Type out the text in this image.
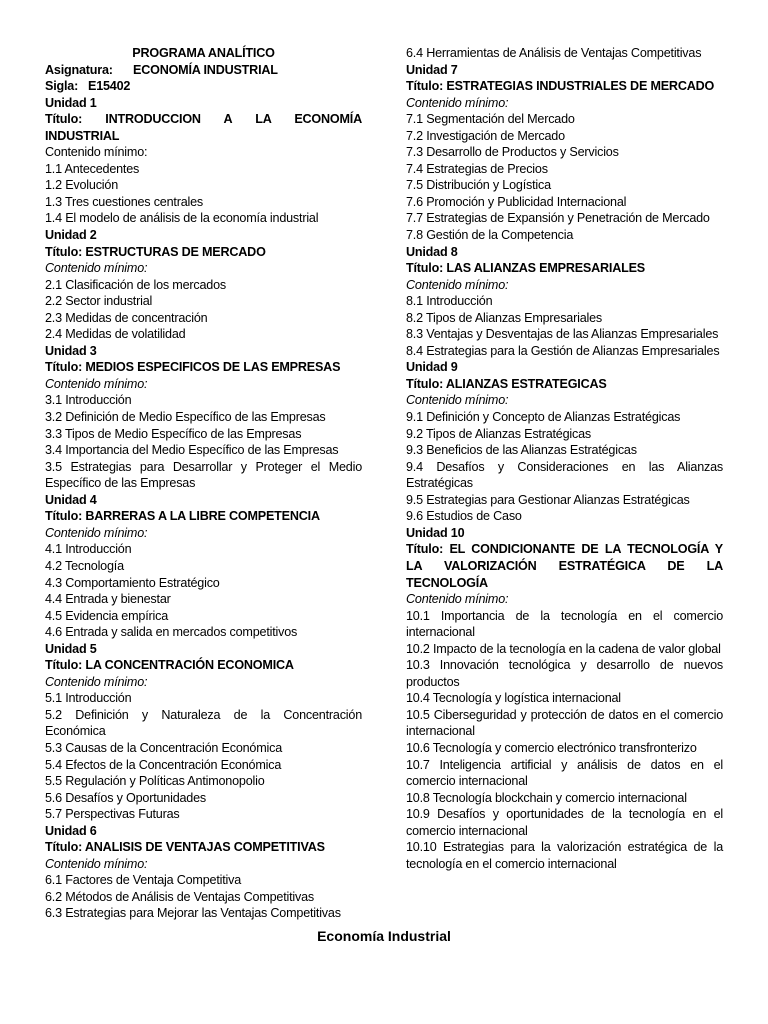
PROGRAMA ANALÍTICO
Asignatura: ECONOMÍA INDUSTRIAL
Sigla: E15402
Unidad 1
Título: INTRODUCCION A LA ECONOMÍA
INDUSTRIAL
Contenido mínimo:
1.1 Antecedentes
1.2 Evolución
1.3 Tres cuestiones centrales
1.4 El modelo de análisis de la economía industrial
Unidad 2
Título: ESTRUCTURAS DE MERCADO
Contenido mínimo:
2.1 Clasificación de los mercados
2.2 Sector industrial
2.3 Medidas de concentración
2.4 Medidas de volatilidad
Unidad 3
Título: MEDIOS ESPECIFICOS DE LAS EMPRESAS
Contenido mínimo:
3.1 Introducción
3.2 Definición de Medio Específico de las Empresas
3.3 Tipos de Medio Específico de las Empresas
3.4 Importancia del Medio Específico de las Empresas
3.5 Estrategias para Desarrollar y Proteger el Medio Específico de las Empresas
Unidad 4
Título: BARRERAS A LA LIBRE COMPETENCIA
Contenido mínimo:
4.1 Introducción
4.2 Tecnología
4.3 Comportamiento Estratégico
4.4 Entrada y bienestar
4.5 Evidencia empírica
4.6 Entrada y salida en mercados competitivos
Unidad 5
Título: LA CONCENTRACIÓN ECONOMICA
Contenido mínimo:
5.1 Introducción
5.2 Definición y Naturaleza de la Concentración Económica
5.3 Causas de la Concentración Económica
5.4 Efectos de la Concentración Económica
5.5 Regulación y Políticas Antimonopolio
5.6 Desafíos y Oportunidades
5.7 Perspectivas Futuras
Unidad 6
Título: ANALISIS DE VENTAJAS COMPETITIVAS
Contenido mínimo:
6.1 Factores de Ventaja Competitiva
6.2 Métodos de Análisis de Ventajas Competitivas
6.3 Estrategias para Mejorar las Ventajas Competitivas
6.4 Herramientas de Análisis de Ventajas Competitivas
Unidad 7
Título: ESTRATEGIAS INDUSTRIALES DE MERCADO
Contenido mínimo:
7.1 Segmentación del Mercado
7.2 Investigación de Mercado
7.3 Desarrollo de Productos y Servicios
7.4 Estrategias de Precios
7.5 Distribución y Logística
7.6 Promoción y Publicidad Internacional
7.7 Estrategias de Expansión y Penetración de Mercado
7.8 Gestión de la Competencia
Unidad 8
Título: LAS ALIANZAS EMPRESARIALES
Contenido mínimo:
8.1 Introducción
8.2 Tipos de Alianzas Empresariales
8.3 Ventajas y Desventajas de las Alianzas Empresariales
8.4 Estrategias para la Gestión de Alianzas Empresariales
Unidad 9
Título: ALIANZAS ESTRATEGICAS
Contenido mínimo:
9.1 Definición y Concepto de Alianzas Estratégicas
9.2 Tipos de Alianzas Estratégicas
9.3 Beneficios de las Alianzas Estratégicas
9.4 Desafíos y Consideraciones en las Alianzas Estratégicas
9.5 Estrategias para Gestionar Alianzas Estratégicas
9.6 Estudios de Caso
Unidad 10
Título: EL CONDICIONANTE DE LA TECNOLOGÍA Y LA VALORIZACIÓN ESTRATÉGICA DE LA TECNOLOGÍA
Contenido mínimo:
10.1 Importancia de la tecnología en el comercio internacional
10.2 Impacto de la tecnología en la cadena de valor global
10.3 Innovación tecnológica y desarrollo de nuevos productos
10.4 Tecnología y logística internacional
10.5 Ciberseguridad y protección de datos en el comercio internacional
10.6 Tecnología y comercio electrónico transfronterizo
10.7 Inteligencia artificial y análisis de datos en el comercio internacional
10.8 Tecnología blockchain y comercio internacional
10.9 Desafíos y oportunidades de la tecnología en el comercio internacional
10.10 Estrategias para la valorización estratégica de la tecnología en el comercio internacional
Economía Industrial
